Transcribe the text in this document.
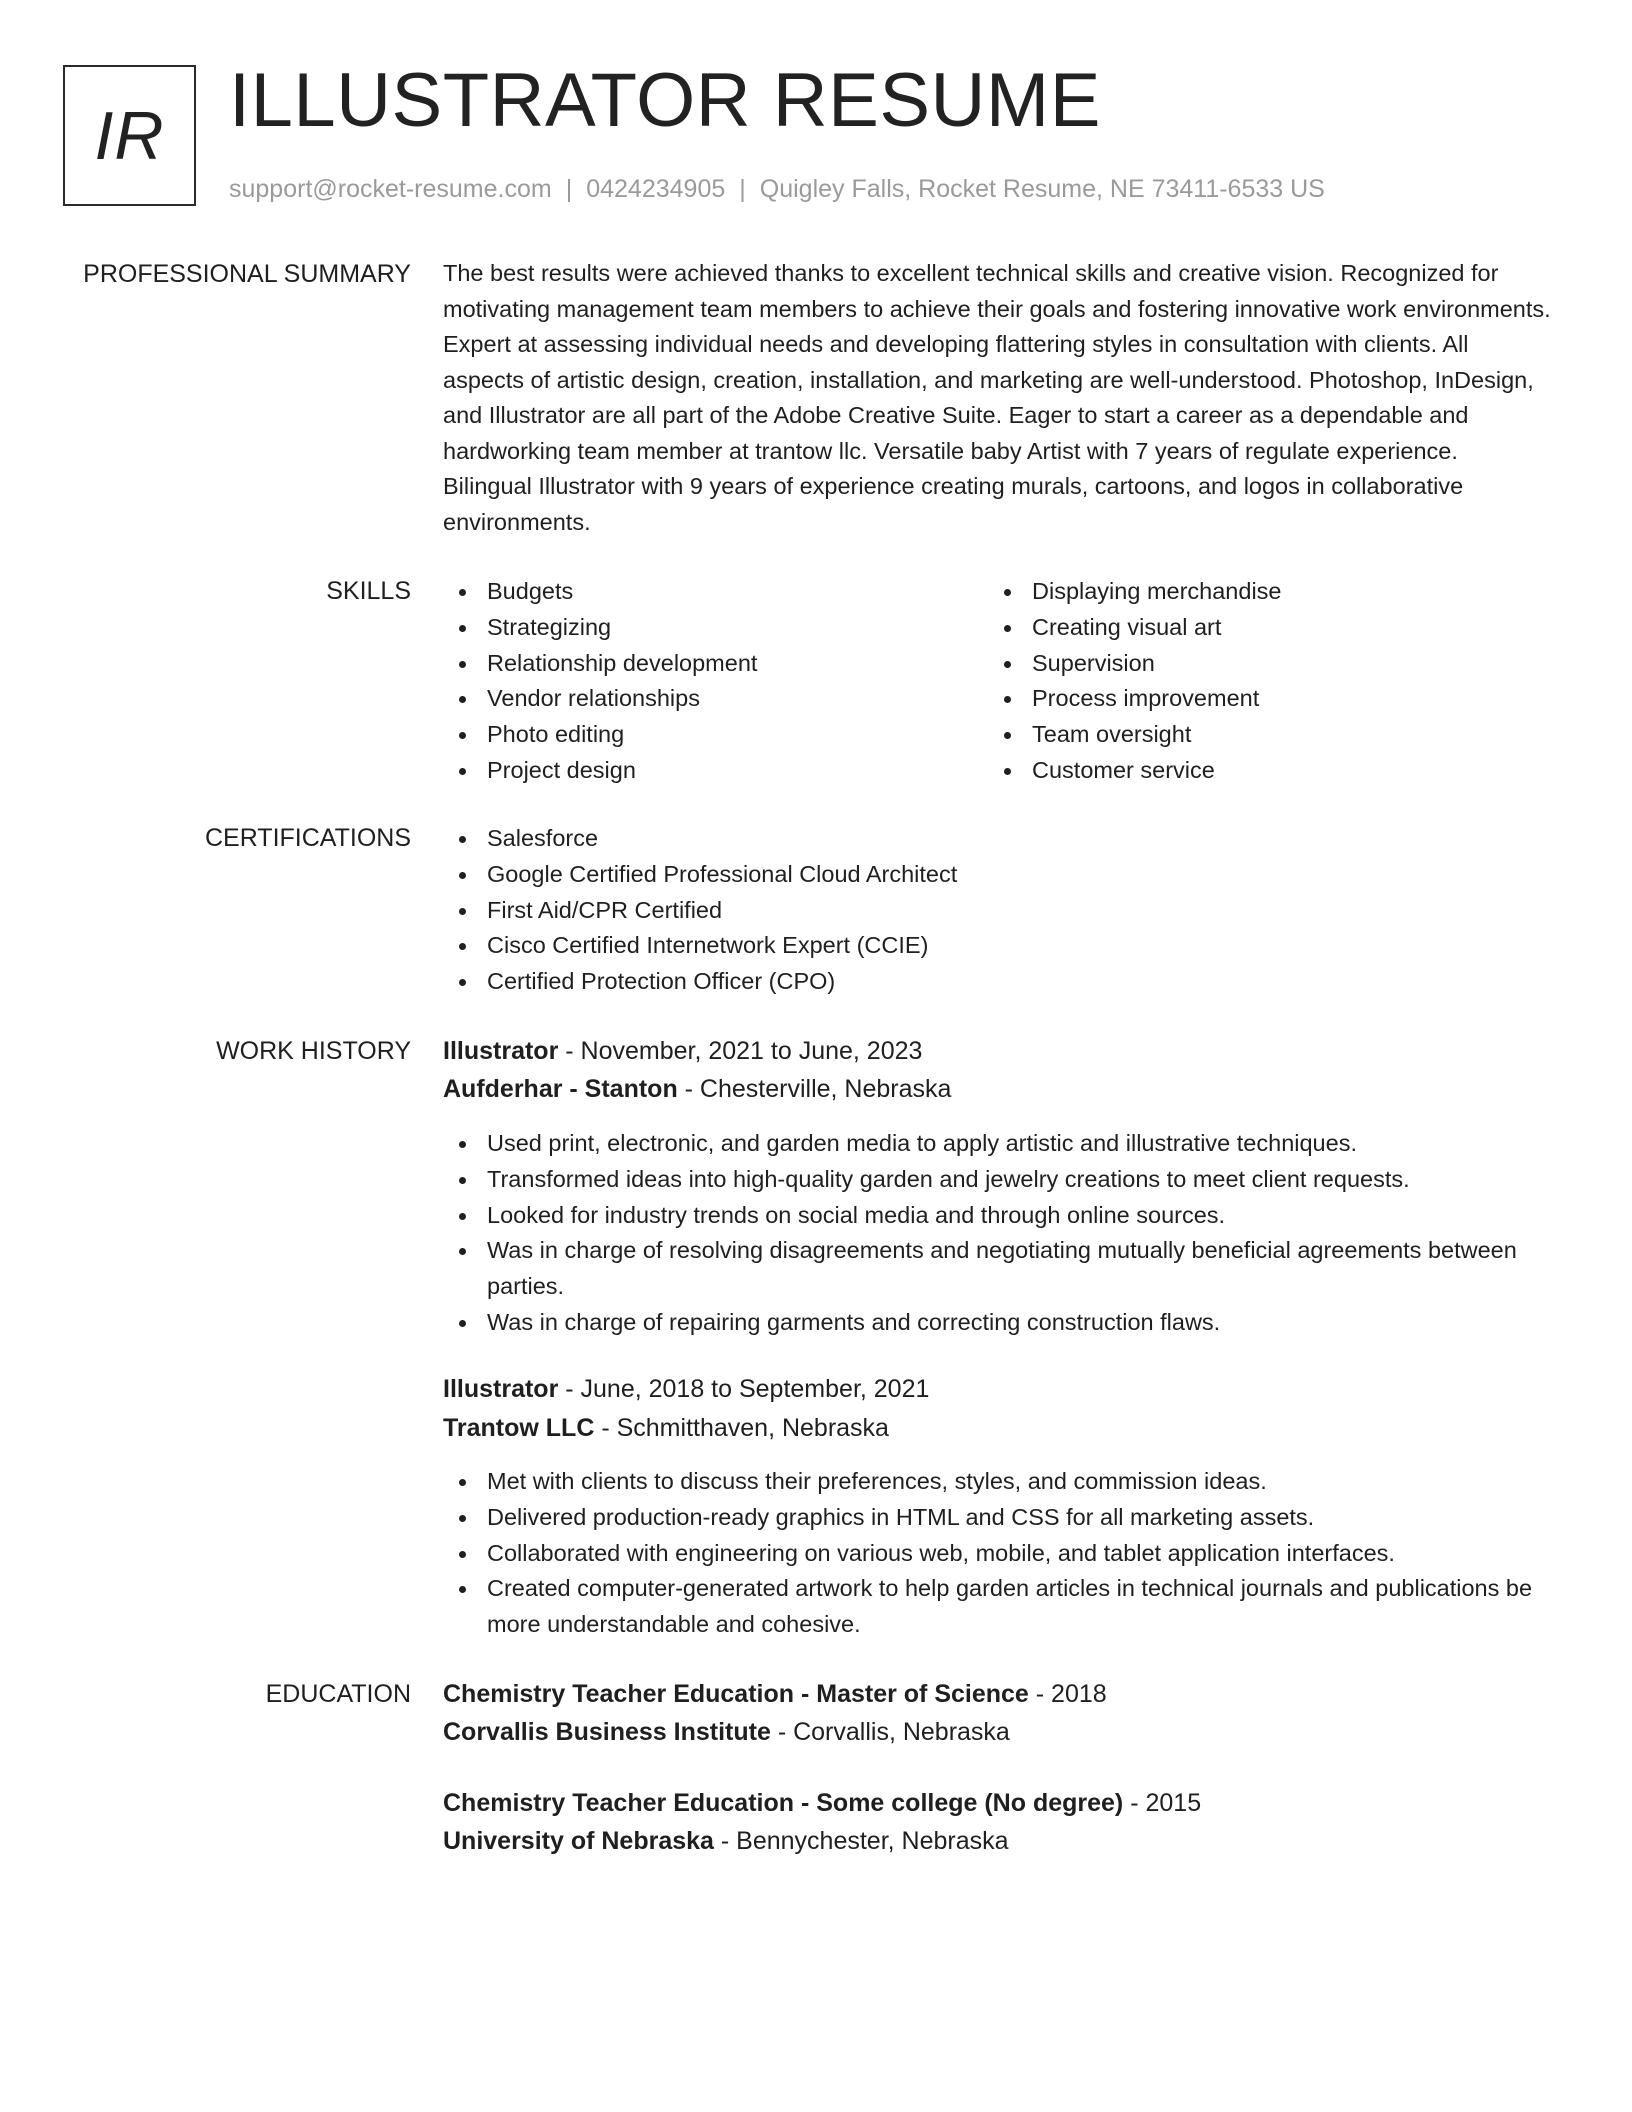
IR ILLUSTRATOR RESUME
support@rocket-resume.com | 0424234905 | Quigley Falls, Rocket Resume, NE 73411-6533 US
PROFESSIONAL SUMMARY The best results were achieved thanks to excellent technical skills and creative vision. Recognized for motivating management team members to achieve their goals and fostering innovative work environments. Expert at assessing individual needs and developing flattering styles in consultation with clients. All aspects of artistic design, creation, installation, and marketing are well-understood. Photoshop, InDesign, and Illustrator are all part of the Adobe Creative Suite. Eager to start a career as a dependable and hardworking team member at trantow llc. Versatile baby Artist with 7 years of regulate experience. Bilingual Illustrator with 9 years of experience creating murals, cartoons, and logos in collaborative environments.
SKILLS	Budgets
Strategizing
Relationship development
Vendor relationships
Photo editing
Project design
Displaying merchandise
Creating visual art
Supervision
Process improvement
Team oversight
Customer service
CERTIFICATIONS	Salesforce
Google Certified Professional Cloud Architect
First Aid/CPR Certified
Cisco Certified Internetwork Expert (CCIE)
Certified Protection Officer (CPO)
WORK HISTORY Illustrator - November, 2021 to June, 2023
Aufderhar - Stanton - Chesterville, Nebraska
Used print, electronic, and garden media to apply artistic and illustrative techniques.
Transformed ideas into high-quality garden and jewelry creations to meet client requests.
Looked for industry trends on social media and through online sources.
Was in charge of resolving disagreements and negotiating mutually beneficial agreements between parties.
Was in charge of repairing garments and correcting construction flaws.
Illustrator - June, 2018 to September, 2021
Trantow LLC - Schmitthaven, Nebraska
Met with clients to discuss their preferences, styles, and commission ideas.
Delivered production-ready graphics in HTML and CSS for all marketing assets.
Collaborated with engineering on various web, mobile, and tablet application interfaces.
Created computer-generated artwork to help garden articles in technical journals and publications be more understandable and cohesive.
EDUCATION Chemistry Teacher Education - Master of Science - 2018
Corvallis Business Institute - Corvallis, Nebraska
Chemistry Teacher Education - Some college (No degree) - 2015
University of Nebraska - Bennychester, Nebraska
